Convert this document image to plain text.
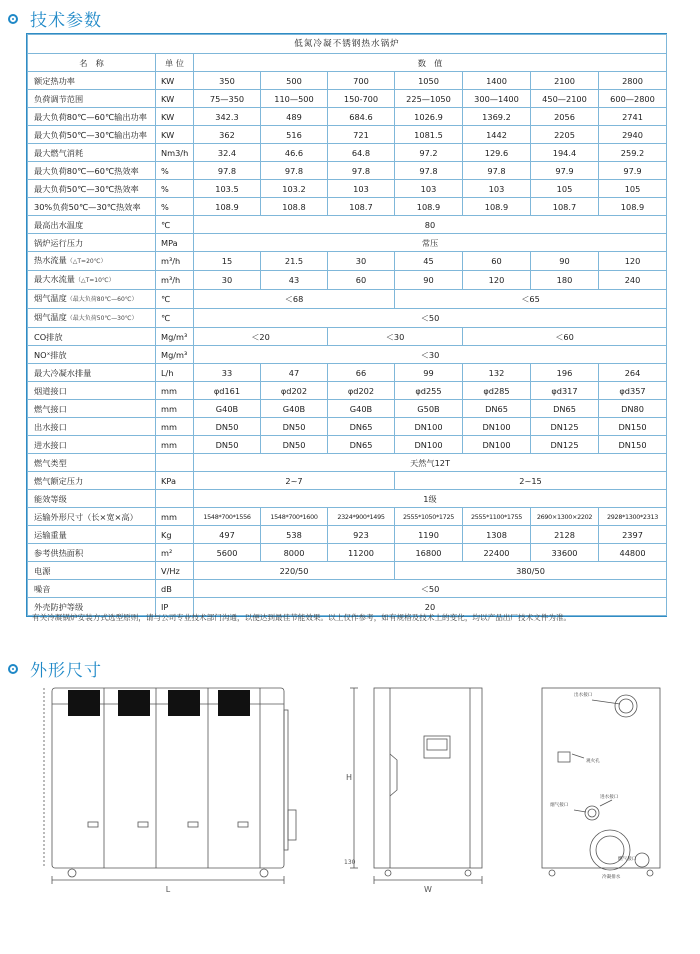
技术参数
低氮冷凝不锈钢热水锅炉								
名　称	单 位	数　值						
额定热功率	KW	350	500	700	1050	1400	2100	2800
负荷调节范围	KW	75—350	110—500	150-700	225—1050	300—1400	450—2100	600—2800
最大负荷80℃—60℃输出功率	KW	342.3	489	684.6	1026.9	1369.2	2056	2741
最大负荷50℃—30℃输出功率	KW	362	516	721	1081.5	1442	2205	2940
最大燃气消耗	Nm3/h	32.4	46.6	64.8	97.2	129.6	194.4	259.2
最大负荷80℃—60℃热效率	%	97.8	97.8	97.8	97.8	97.8	97.9	97.9
最大负荷50℃—30℃热效率	%	103.5	103.2	103	103	103	105	105
30%负荷50℃—30℃热效率	%	108.9	108.8	108.7	108.9	108.9	108.7	108.9
最高出水温度	℃	80						
锅炉运行压力	MPa	常压						
热水流量（△T=20℃）	m³/h	15	21.5	30	45	60	90	120
最大水流量（△T=10℃）	m³/h	30	43	60	90	120	180	240
烟气温度（最大负荷80℃—60℃）	℃	＜68			＜65			
烟气温度（最大负荷50℃—30℃）	℃	＜50						
CO排放	Mg/m³	＜20		＜30		＜60		
NOˣ排放	Mg/m³	＜30						
最大冷凝水排量	L/h	33	47	66	99	132	196	264
烟道接口	mm	φd161	φd202	φd202	φd255	φd285	φd317	φd357
燃气接口	mm	G40B	G40B	G40B	G50B	DN65	DN65	DN80
出水接口	mm	DN50	DN50	DN65	DN100	DN100	DN125	DN150
进水接口	mm	DN50	DN50	DN65	DN100	DN100	DN125	DN150
燃气类型		天然气12T						
燃气额定压力	KPa	2~7			2~15			
能效等级		1级						
运输外形尺寸（长×宽×高）	mm	1548*700*1556	1548*700*1600	2324*900*1495	2555*1050*1725	2555*1100*1755	2690×1300×2202	2928*1300*2313
运输重量	Kg	497	538	923	1190	1308	2128	2397
参考供热面积	m²	5600	8000	11200	16800	22400	33600	44800
电源	V/Hz	220/50			380/50			
噪音	dB	＜50						
外壳防护等级	IP	20						
有关冷凝锅炉安装方式选型原则，请与公司专业技术部门沟通，以便达到最佳节能效果。以上仅作参考，如有规格及技术上的变化，均以产品出厂技术文件为准。
外形尺寸
L
H
130
W
出水接口
观火孔
烟气接口
进水接口
燃气接口
冷凝排水
